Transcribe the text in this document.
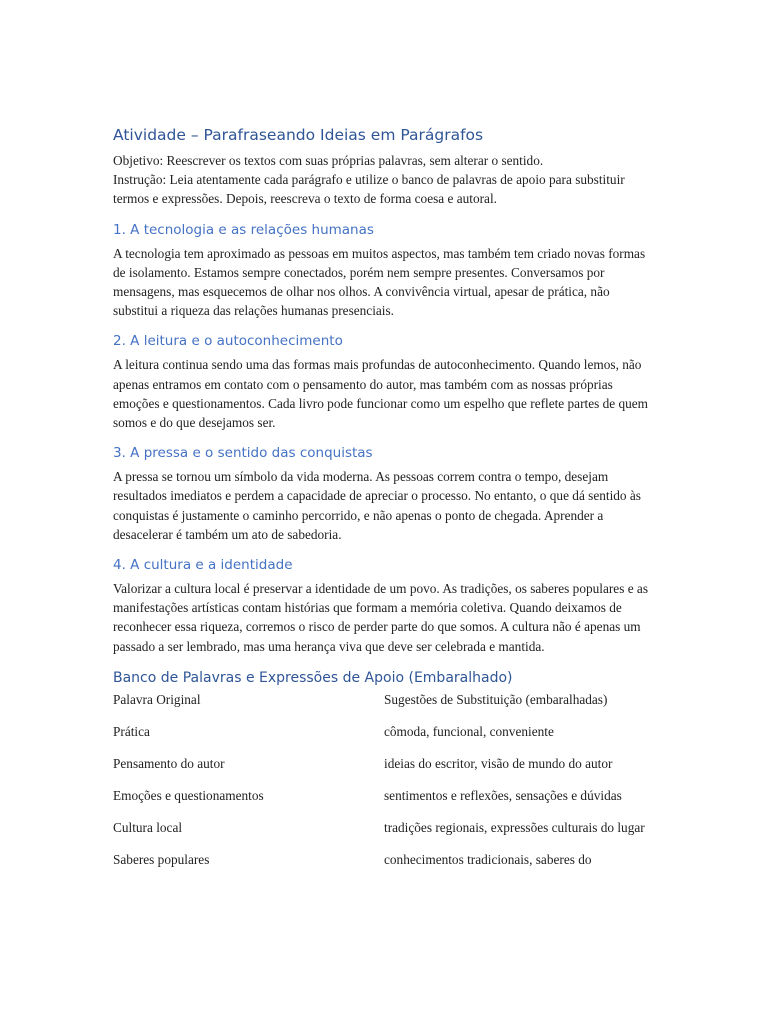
Atividade – Parafraseando Ideias em Parágrafos

Objetivo: Reescrever os textos com suas próprias palavras, sem alterar o sentido.

Instrução: Leia atentamente cada parágrafo e utilize o banco de palavras de apoio para substituir termos e expressões. Depois, reescreva o texto de forma coesa e autoral.

1. A tecnologia e as relações humanas

A tecnologia tem aproximado as pessoas em muitos aspectos, mas também tem criado novas formas de isolamento. Estamos sempre conectados, porém nem sempre presentes. Conversamos por mensagens, mas esquecemos de olhar nos olhos. A convivência virtual, apesar de prática, não substitui a riqueza das relações humanas presenciais.

2. A leitura e o autoconhecimento

A leitura continua sendo uma das formas mais profundas de autoconhecimento. Quando lemos, não apenas entramos em contato com o pensamento do autor, mas também com as nossas próprias emoções e questionamentos. Cada livro pode funcionar como um espelho que reflete partes de quem somos e do que desejamos ser.

3. A pressa e o sentido das conquistas

A pressa se tornou um símbolo da vida moderna. As pessoas correm contra o tempo, desejam resultados imediatos e perdem a capacidade de apreciar o processo. No entanto, o que dá sentido às conquistas é justamente o caminho percorrido, e não apenas o ponto de chegada. Aprender a desacelerar é também um ato de sabedoria.

4. A cultura e a identidade

Valorizar a cultura local é preservar a identidade de um povo. As tradições, os saberes populares e as manifestações artísticas contam histórias que formam a memória coletiva. Quando deixamos de reconhecer essa riqueza, corremos o risco de perder parte do que somos. A cultura não é apenas um passado a ser lembrado, mas uma herança viva que deve ser celebrada e mantida.

Banco de Palavras e Expressões de Apoio (Embaralhado)
Palavra Original	Sugestões de Substituição (embaralhadas)
Prática	cômoda, funcional, conveniente
Pensamento do autor	ideias do escritor, visão de mundo do autor
Emoções e questionamentos	sentimentos e reflexões, sensações e dúvidas
Cultura local	tradições regionais, expressões culturais do lugar
Saberes populares	conhecimentos tradicionais, saberes do
